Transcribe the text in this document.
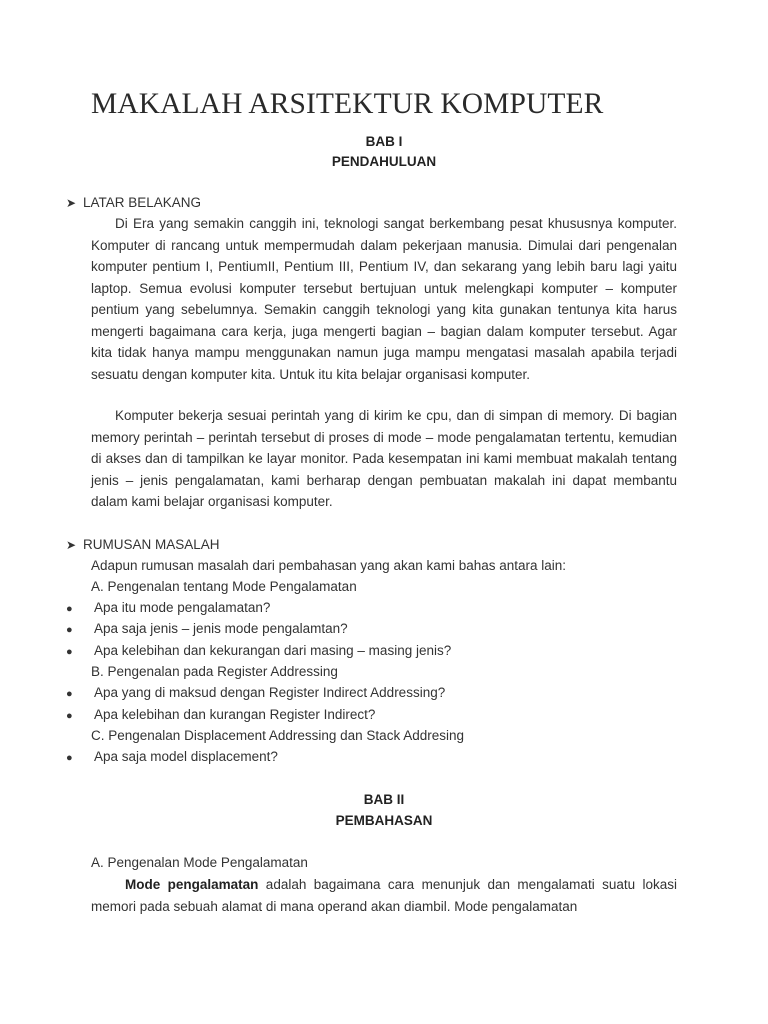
MAKALAH ARSITEKTUR KOMPUTER
BAB I
PENDAHULUAN
➤ LATAR BELAKANG
Di Era yang semakin canggih ini, teknologi sangat berkembang pesat khususnya komputer. Komputer di rancang untuk mempermudah dalam pekerjaan manusia. Dimulai dari pengenalan komputer pentium I, PentiumII, Pentium III, Pentium IV, dan sekarang yang lebih baru lagi yaitu laptop. Semua evolusi komputer tersebut bertujuan untuk melengkapi komputer – komputer pentium yang sebelumnya. Semakin canggih teknologi yang kita gunakan tentunya kita harus mengerti bagaimana cara kerja, juga mengerti bagian – bagian dalam komputer tersebut. Agar kita tidak hanya mampu menggunakan namun juga mampu mengatasi masalah apabila terjadi sesuatu dengan komputer kita. Untuk itu kita belajar organisasi komputer.
Komputer bekerja sesuai perintah yang di kirim ke cpu, dan di simpan di memory. Di bagian memory perintah – perintah tersebut di proses di mode – mode pengalamatan tertentu, kemudian di akses dan di tampilkan ke layar monitor. Pada kesempatan ini kami membuat makalah tentang jenis – jenis pengalamatan, kami berharap dengan pembuatan makalah ini dapat membantu dalam kami belajar organisasi komputer.
➤ RUMUSAN MASALAH
Adapun rumusan masalah dari pembahasan yang akan kami bahas antara lain:
A. Pengenalan tentang Mode Pengalamatan
● Apa itu mode pengalamatan?
● Apa saja jenis – jenis mode pengalamtan?
● Apa kelebihan dan kekurangan dari masing – masing jenis?
B. Pengenalan pada Register Addressing
● Apa yang di maksud dengan Register Indirect Addressing?
● Apa kelebihan dan kurangan Register Indirect?
C. Pengenalan Displacement Addressing dan Stack Addresing
● Apa saja model displacement?
BAB II
PEMBAHASAN
A. Pengenalan Mode Pengalamatan
Mode pengalamatan adalah bagaimana cara menunjuk dan mengalamati suatu lokasi memori pada sebuah alamat di mana operand akan diambil. Mode pengalamatan
